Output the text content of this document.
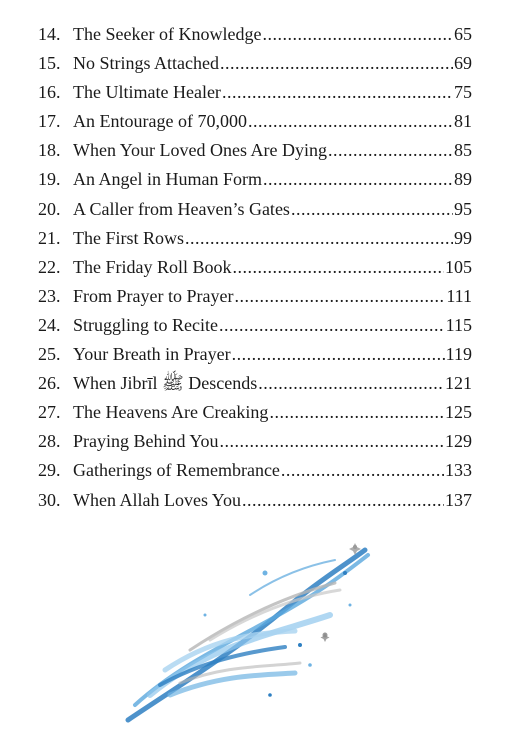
14. The Seeker of Knowledge .....	65
15. No Strings Attached .....	69
16. The Ultimate Healer .....	75
17. An Entourage of 70,000 .....	81
18. When Your Loved Ones Are Dying .....	85
19. An Angel in Human Form .....	89
20. A Caller from Heaven’s Gates .....	95
21. The First Rows .....	99
22. The Friday Roll Book .....	105
23. From Prayer to Prayer .....	111
24. Struggling to Recite .....	115
25. Your Breath in Prayer .....	119
26. When Jibrīl ﷺ Descends .....	121
27. The Heavens Are Creaking .....	125
28. Praying Behind You .....	129
29. Gatherings of Remembrance .....	133
30. When Allah Loves You .....	137
